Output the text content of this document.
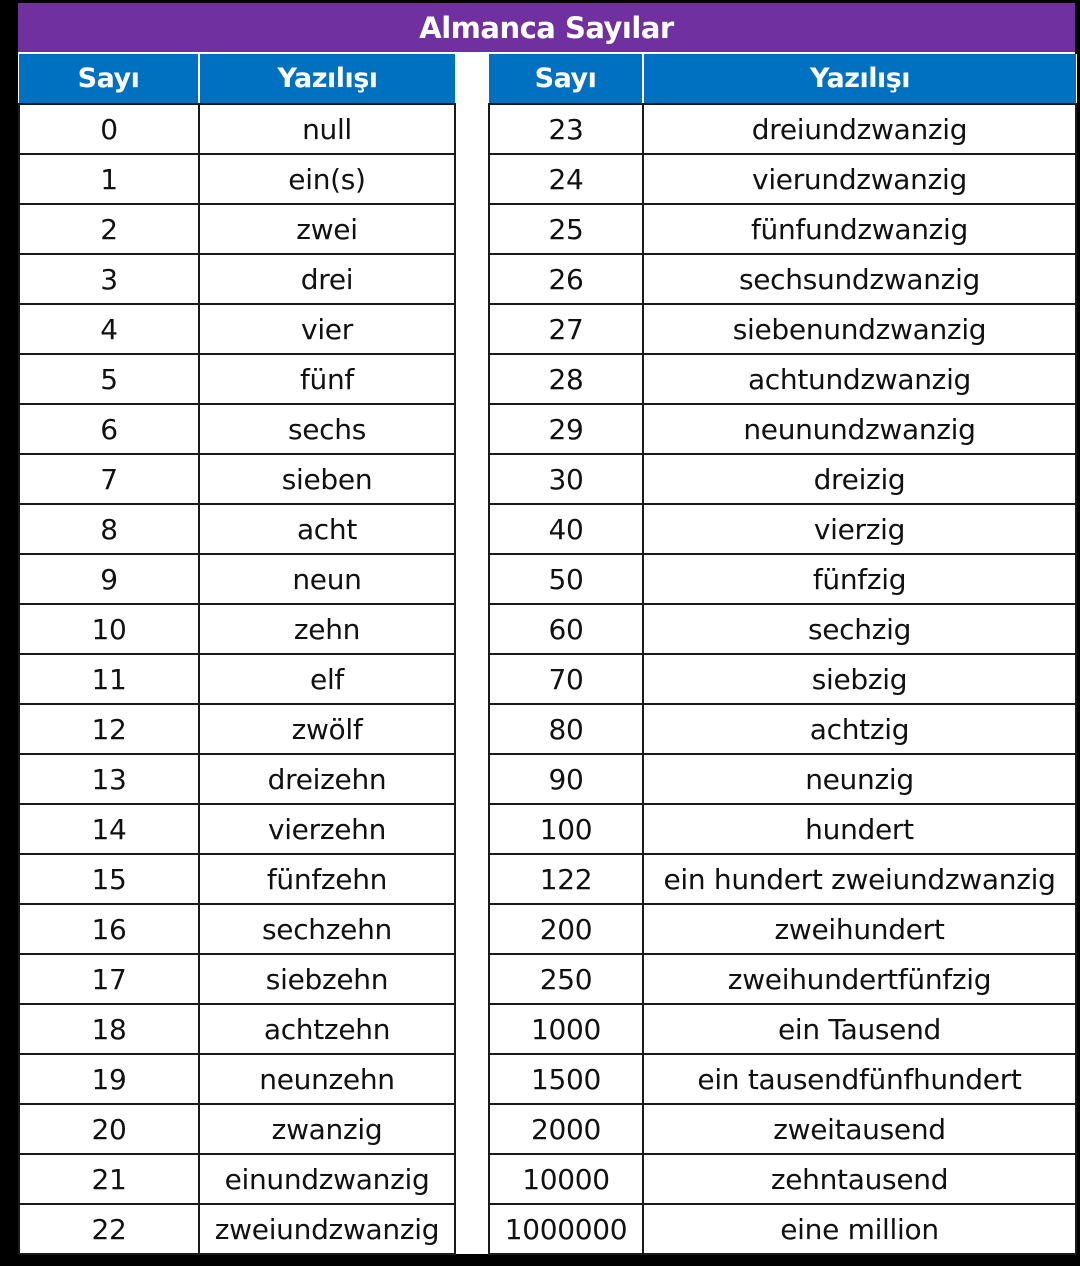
Almanca Sayılar
Sayı	Yazılışı
0	null
1	ein(s)
2	zwei
3	drei
4	vier
5	fünf
6	sechs
7	sieben
8	acht
9	neun
10	zehn
11	elf
12	zwölf
13	dreizehn
14	vierzehn
15	fünfzehn
16	sechzehn
17	siebzehn
18	achtzehn
19	neunzehn
20	zwanzig
21	einundzwanzig
22	zweiundzwanzig
Sayı	Yazılışı
23	dreiundzwanzig
24	vierundzwanzig
25	fünfundzwanzig
26	sechsundzwanzig
27	siebenundzwanzig
28	achtundzwanzig
29	neunundzwanzig
30	dreizig
40	vierzig
50	fünfzig
60	sechzig
70	siebzig
80	achtzig
90	neunzig
100	hundert
122	ein hundert zweiundzwanzig
200	zweihundert
250	zweihundertfünfzig
1000	ein Tausend
1500	ein tausendfünfhundert
2000	zweitausend
10000	zehntausend
1000000	eine million
